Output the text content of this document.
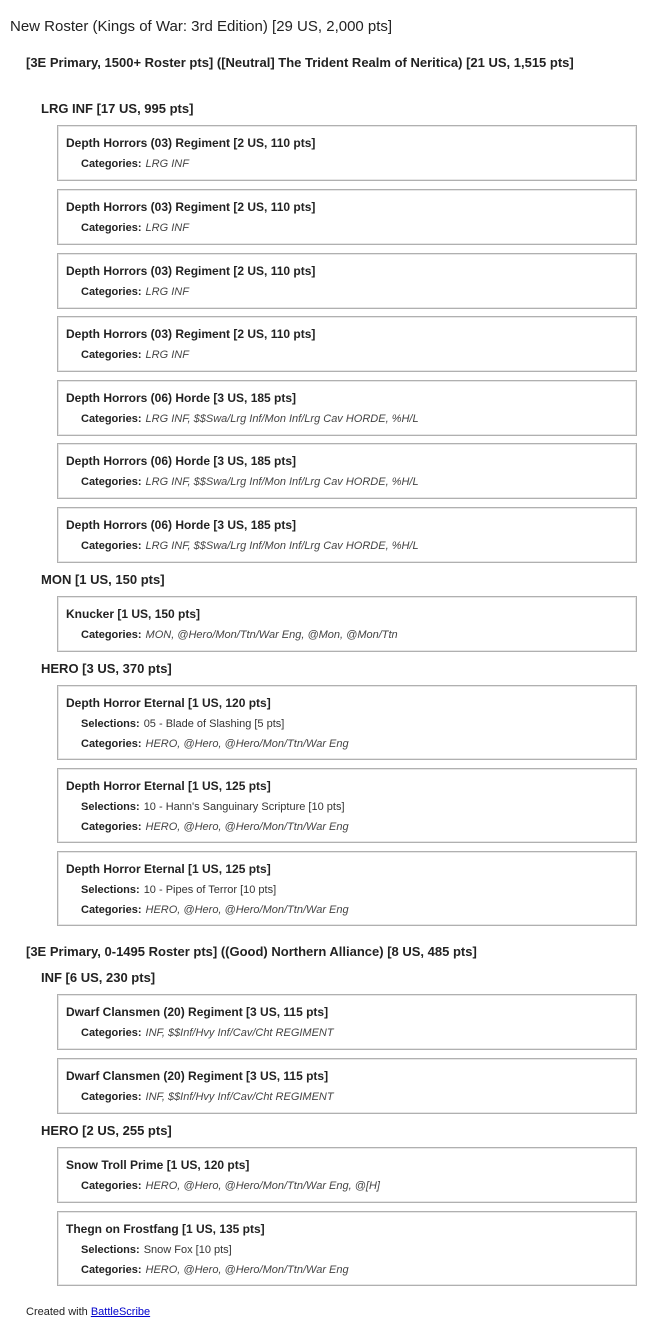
New Roster (Kings of War: 3rd Edition) [29 US, 2,000 pts]
[3E Primary, 1500+ Roster pts] ([Neutral] The Trident Realm of Neritica) [21 US, 1,515 pts]
LRG INF [17 US, 995 pts]
Depth Horrors (03) Regiment [2 US, 110 pts]
Categories: LRG INF
Depth Horrors (03) Regiment [2 US, 110 pts]
Categories: LRG INF
Depth Horrors (03) Regiment [2 US, 110 pts]
Categories: LRG INF
Depth Horrors (03) Regiment [2 US, 110 pts]
Categories: LRG INF
Depth Horrors (06) Horde [3 US, 185 pts]
Categories: LRG INF, $$Swa/Lrg Inf/Mon Inf/Lrg Cav HORDE, %H/L
Depth Horrors (06) Horde [3 US, 185 pts]
Categories: LRG INF, $$Swa/Lrg Inf/Mon Inf/Lrg Cav HORDE, %H/L
Depth Horrors (06) Horde [3 US, 185 pts]
Categories: LRG INF, $$Swa/Lrg Inf/Mon Inf/Lrg Cav HORDE, %H/L
MON [1 US, 150 pts]
Knucker [1 US, 150 pts]
Categories: MON, @Hero/Mon/Ttn/War Eng, @Mon, @Mon/Ttn
HERO [3 US, 370 pts]
Depth Horror Eternal [1 US, 120 pts]
Selections: 05 - Blade of Slashing [5 pts]
Categories: HERO, @Hero, @Hero/Mon/Ttn/War Eng
Depth Horror Eternal [1 US, 125 pts]
Selections: 10 - Hann's Sanguinary Scripture [10 pts]
Categories: HERO, @Hero, @Hero/Mon/Ttn/War Eng
Depth Horror Eternal [1 US, 125 pts]
Selections: 10 - Pipes of Terror [10 pts]
Categories: HERO, @Hero, @Hero/Mon/Ttn/War Eng
[3E Primary, 0-1495 Roster pts] ((Good) Northern Alliance) [8 US, 485 pts]
INF [6 US, 230 pts]
Dwarf Clansmen (20) Regiment [3 US, 115 pts]
Categories: INF, $$Inf/Hvy Inf/Cav/Cht REGIMENT
Dwarf Clansmen (20) Regiment [3 US, 115 pts]
Categories: INF, $$Inf/Hvy Inf/Cav/Cht REGIMENT
HERO [2 US, 255 pts]
Snow Troll Prime [1 US, 120 pts]
Categories: HERO, @Hero, @Hero/Mon/Ttn/War Eng, @[H]
Thegn on Frostfang [1 US, 135 pts]
Selections: Snow Fox [10 pts]
Categories: HERO, @Hero, @Hero/Mon/Ttn/War Eng
Created with BattleScribe
